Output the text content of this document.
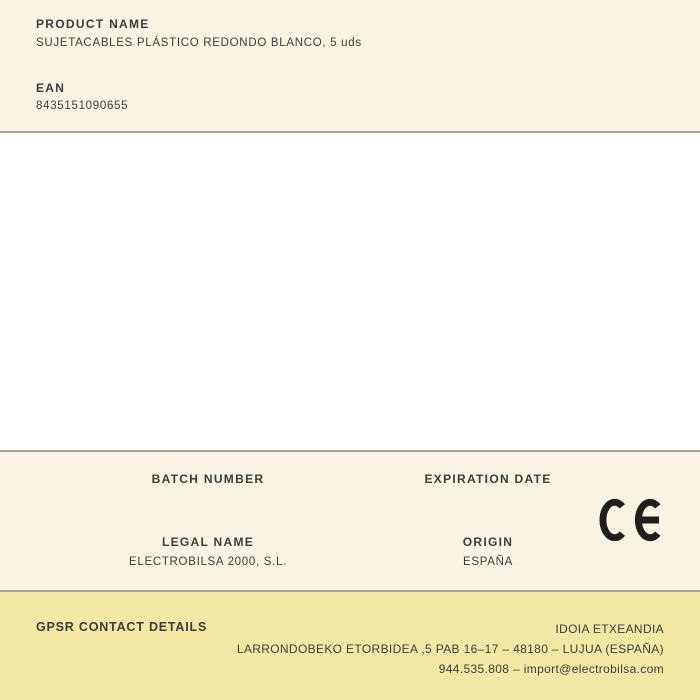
PRODUCT NAME
SUJETACABLES PLÁSTICO REDONDO BLANCO, 5 uds
EAN
8435151090655
BATCH NUMBER
LEGAL NAME
ELECTROBILSA 2000, S.L.
EXPIRATION DATE
ORIGIN
ESPAÑA
GPSR CONTACT DETAILS	IDOIA ETXEANDIA
LARRONDOBEKO ETORBIDEA ,5 PAB 16–17 – 48180 – LUJUA (ESPAÑA)
944.535.808 – import@electrobilsa.com
